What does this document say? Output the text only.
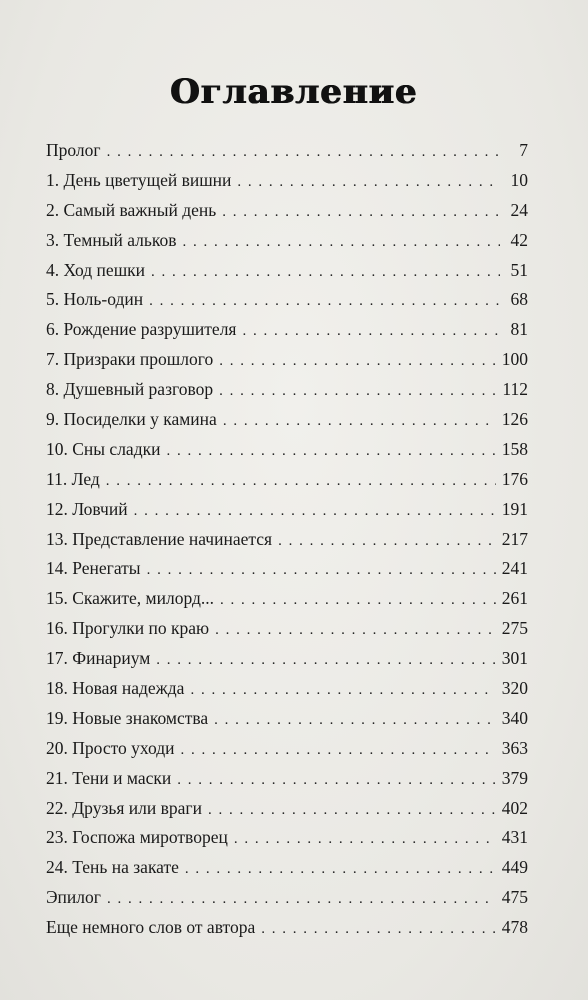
Оглавление
Пролог . . .	7
1. День цветущей вишни . . .	10
2. Самый важный день . . .	24
3. Темный альков . . .	42
4. Ход пешки . . .	51
5. Ноль-один . . .	68
6. Рождение разрушителя . . .	81
7. Призраки прошлого . . .	100
8. Душевный разговор . . .	112
9. Посиделки у камина . . .	126
10. Сны сладки . . .	158
11. Лед . . .	176
12. Ловчий . . .	191
13. Представление начинается . . .	217
14. Ренегаты . . .	241
15. Скажите, милорд... . . .	261
16. Прогулки по краю . . .	275
17. Финариум . . .	301
18. Новая надежда . . .	320
19. Новые знакомства . . .	340
20. Просто уходи . . .	363
21. Тени и маски . . .	379
22. Друзья или враги . . .	402
23. Госпожа миротворец . . .	431
24. Тень на закате . . .	449
Эпилог . . .	475
Еще немного слов от автора . . .	478
